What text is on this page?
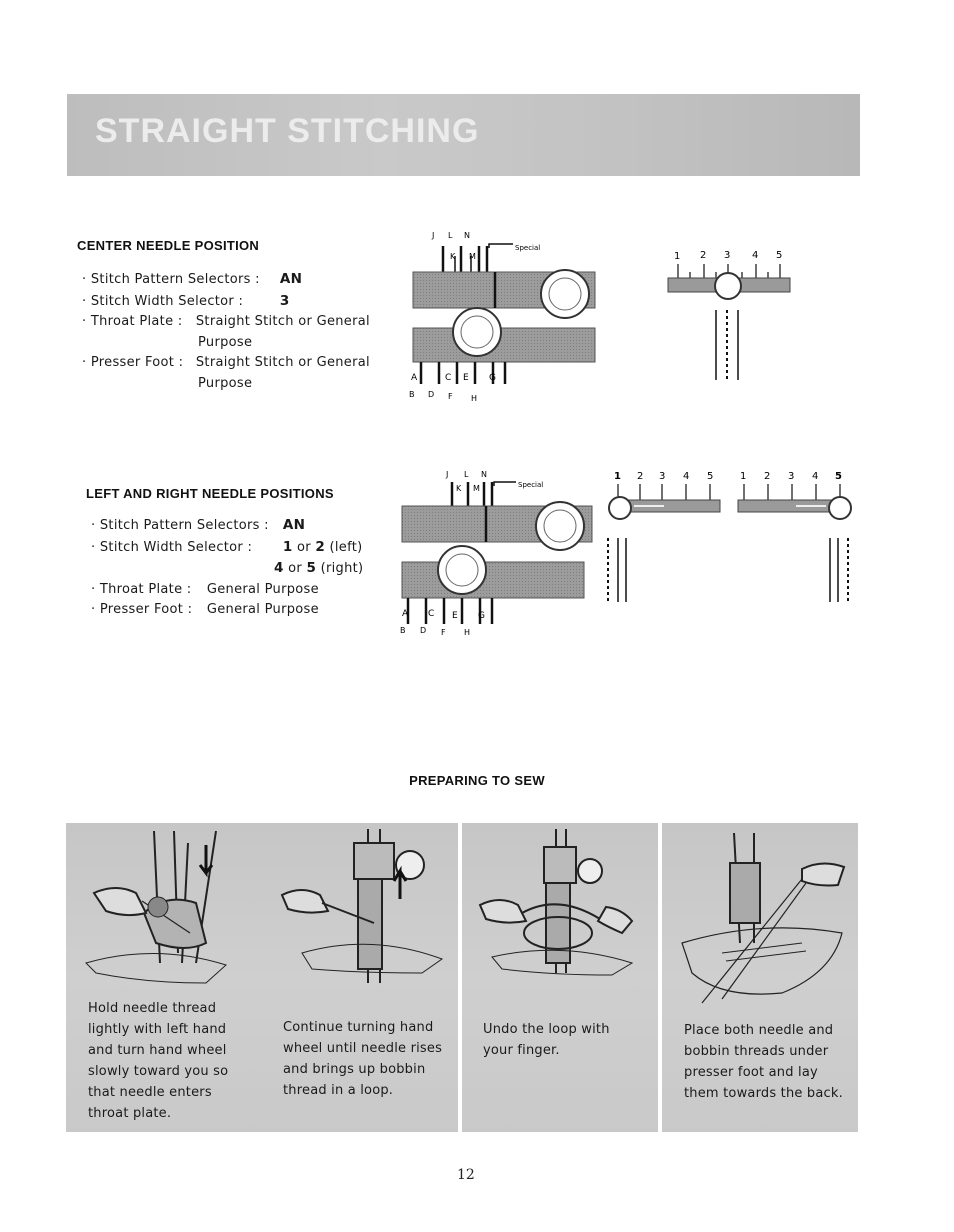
STRAIGHT STITCHING
CENTER NEEDLE POSITION
· Stitch Pattern Selectors : AN
· Stitch Width Selector :	3
· Throat Plate : Straight Stitch or General
Purpose
· Presser Foot : Straight Stitch or General
Purpose
J L N
K M
Special
A	C E G
B D F H
1 2 3 4 5
LEFT AND RIGHT NEEDLE POSITIONS
· Stitch Pattern Selectors : AN
· Stitch Width Selector : 1 or 2 (left)
4 or 5 (right)
· Throat Plate : General Purpose
· Presser Foot : General Purpose
J L N
K M	Special
A C E G
B D F H
1 2 3 4 5	1 2 3 4 5
PREPARING TO SEW
Hold needle thread lightly with left hand and turn hand wheel slowly toward you so that needle enters throat plate.
Continue turning hand wheel until needle rises and brings up bobbin thread in a loop.
Undo the loop with your finger.
Place both needle and bobbin threads under presser foot and lay them towards the back.
12
